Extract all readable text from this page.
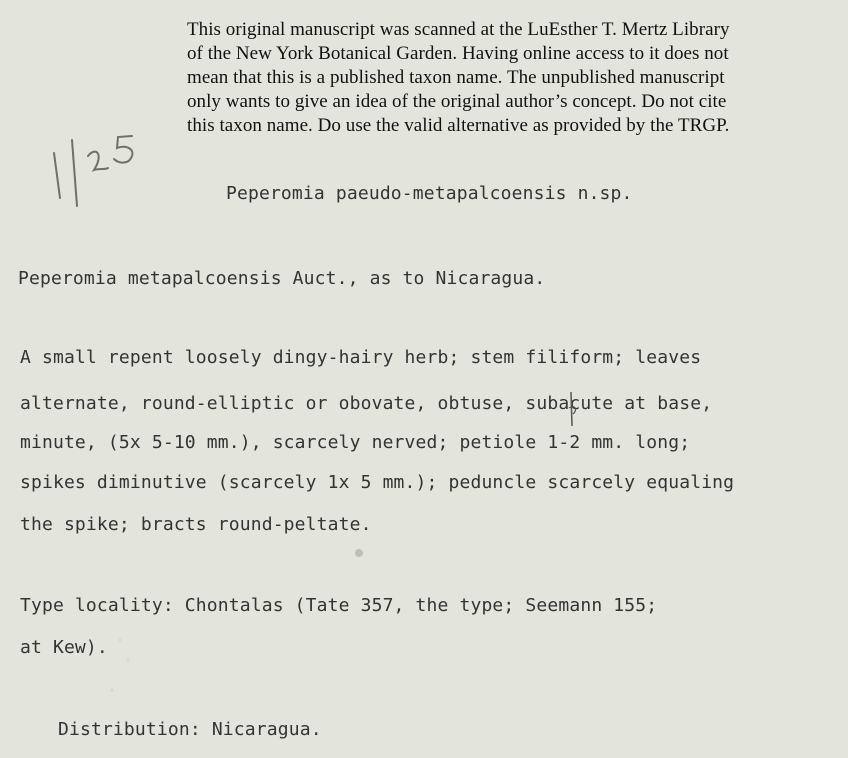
This original manuscript was scanned at the LuEsther T. Mertz Library
of the New York Botanical Garden. Having online access to it does not
mean that this is a published taxon name. The unpublished manuscript
only wants to give an idea of the original author’s concept. Do not cite
this taxon name. Do use the valid alternative as provided by the TRGP.
Peperomia paeudo-metapalcoensis n.sp.
Peperomia metapalcoensis Auct., as to Nicaragua.
A small repent loosely dingy-hairy herb; stem filiform; leaves
alternate, round-elliptic or obovate, obtuse, subacute at base,
minute, (5x 5-10 mm.), scarcely nerved; petiole 1-2 mm. long;
spikes diminutive (scarcely 1x 5 mm.); peduncle scarcely equaling
the spike; bracts round-peltate.
Type locality: Chontalas (Tate 357, the type; Seemann 155;
at Kew).
Distribution: Nicaragua.
